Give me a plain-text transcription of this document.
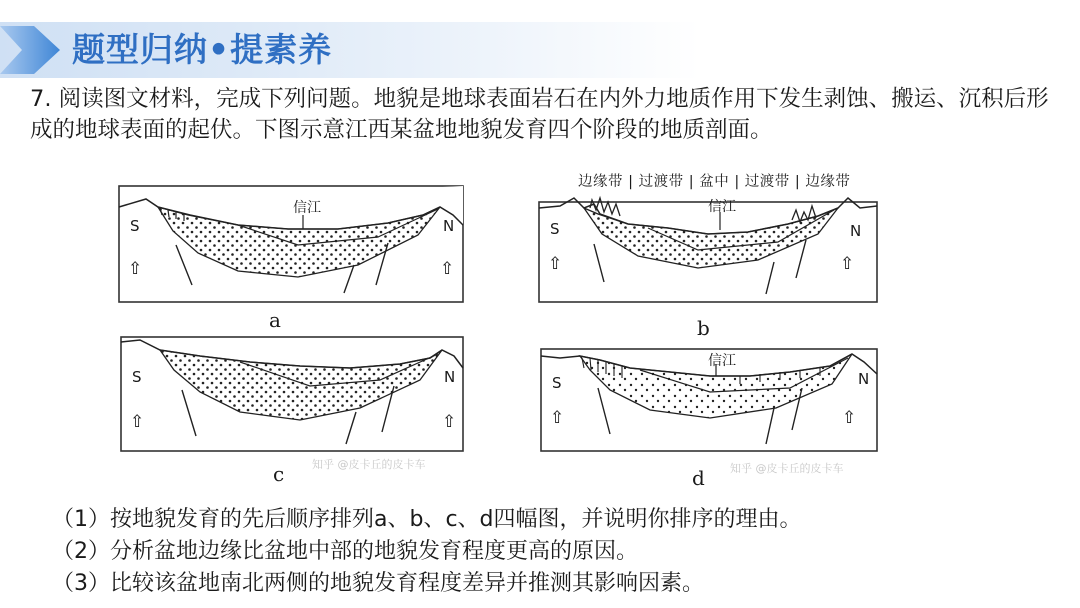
题型归纳•提素养
7. 阅读图文材料，完成下列问题。地貌是地球表面岩石在内外力地质作用下发生剥蚀、搬运、沉积后形成的地球表面的起伏。下图示意江西某盆地地貌发育四个阶段的地质剖面。
边缘带 | 过渡带 | 盆中 | 过渡带 | 边缘带
S	N
⇧	⇧
信江
a
S	N
⇧	⇧
信江
b
S	N
⇧	⇧
知乎 @皮卡丘的皮卡车
c
S	N
⇧	⇧
信江
知乎 @皮卡丘的皮卡车
d
（1）按地貌发育的先后顺序排列a、b、c、d四幅图，并说明你排序的理由。
（2）分析盆地边缘比盆地中部的地貌发育程度更高的原因。
（3）比较该盆地南北两侧的地貌发育程度差异并推测其影响因素。
